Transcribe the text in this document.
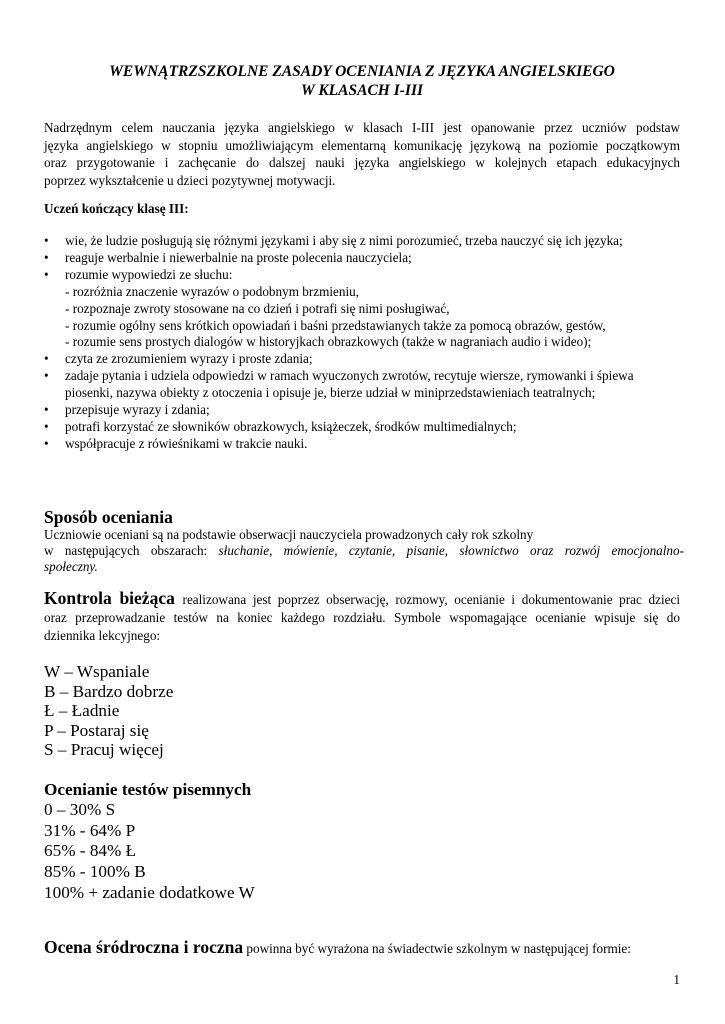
WEWNĄTRZSZKOLNE ZASADY OCENIANIA Z JĘZYKA ANGIELSKIEGO
W KLASACH I-III
Nadrzędnym celem nauczania języka angielskiego w klasach I-III jest opanowanie przez uczniów podstaw
języka angielskiego w stopniu umożliwiającym elementarną komunikację językową na poziomie początkowym
oraz przygotowanie i zachęcanie do dalszej nauki języka angielskiego w kolejnych etapach edukacyjnych
poprzez wykształcenie u dzieci pozytywnej motywacji.
Uczeń kończący klasę III:
• wie, że ludzie posługują się różnymi językami i aby się z nimi porozumieć, trzeba nauczyć się ich języka;
• reaguje werbalnie i niewerbalnie na proste polecenia nauczyciela;
• rozumie wypowiedzi ze słuchu:
- rozróżnia znaczenie wyrazów o podobnym brzmieniu,
- rozpoznaje zwroty stosowane na co dzień i potrafi się nimi posługiwać,
- rozumie ogólny sens krótkich opowiadań i baśni przedstawianych także za pomocą obrazów, gestów,
- rozumie sens prostych dialogów w historyjkach obrazkowych (także w nagraniach audio i wideo);
• czyta ze zrozumieniem wyrazy i proste zdania;
• zadaje pytania i udziela odpowiedzi w ramach wyuczonych zwrotów, recytuje wiersze, rymowanki i śpiewa piosenki, nazywa obiekty z otoczenia i opisuje je, bierze udział w miniprzedstawieniach teatralnych;
• przepisuje wyrazy i zdania;
• potrafi korzystać ze słowników obrazkowych, książeczek, środków multimedialnych;
• współpracuje z rówieśnikami w trakcie nauki.
Sposób oceniania
Uczniowie oceniani są na podstawie obserwacji nauczyciela prowadzonych cały rok szkolny
w następujących obszarach: słuchanie, mówienie, czytanie, pisanie, słownictwo oraz rozwój emocjonalno-
społeczny.
Kontrola bieżąca realizowana jest poprzez obserwację, rozmowy, ocenianie i dokumentowanie prac dzieci
oraz przeprowadzanie testów na koniec każdego rozdziału. Symbole wspomagające ocenianie wpisuje się do
dziennika lekcyjnego:
W – Wspaniale
B – Bardzo dobrze
Ł – Ładnie
P – Postaraj się
S – Pracuj więcej
Ocenianie testów pisemnych
0 – 30% S
31% - 64% P
65% - 84% Ł
85% - 100% B
100% + zadanie dodatkowe W
Ocena śródroczna i roczna powinna być wyrażona na świadectwie szkolnym w następującej formie:
1
